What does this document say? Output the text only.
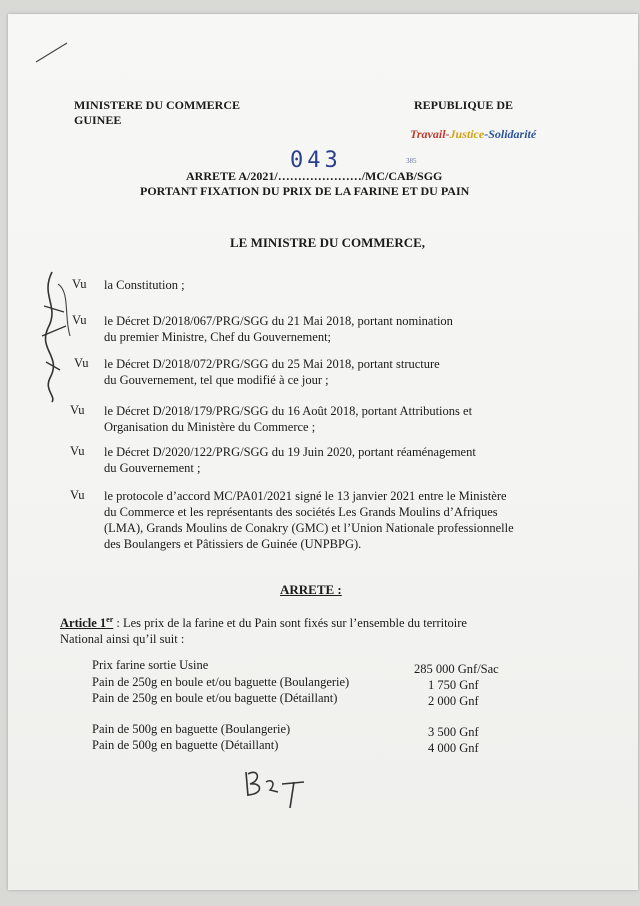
MINISTERE DU COMMERCE
GUINEE
REPUBLIQUE DE
Travail-Justice-Solidarité
ARRETE A/2021/…………………/MC/CAB/SGG
043	385
PORTANT FIXATION DU PRIX DE LA FARINE ET DU PAIN
LE MINISTRE DU COMMERCE,
Vu la Constitution ;
Vu le Décret D/2018/067/PRG/SGG du 21 Mai 2018, portant nomination
du premier Ministre, Chef du Gouvernement;
Vu le Décret D/2018/072/PRG/SGG du 25 Mai 2018, portant structure
du Gouvernement, tel que modifié à ce jour ;
Vu le Décret D/2018/179/PRG/SGG du 16 Août 2018, portant Attributions et
Organisation du Ministère du Commerce ;
Vu le Décret D/2020/122/PRG/SGG du 19 Juin 2020, portant réaménagement
du Gouvernement ;
Vu le protocole d’accord MC/PA01/2021 signé le 13 janvier 2021 entre le Ministère
du Commerce et les représentants des sociétés Les Grands Moulins d’Afriques
(LMA), Grands Moulins de Conakry (GMC) et l’Union Nationale professionnelle
des Boulangers et Pâtissiers de Guinée (UNPBPG).
ARRETE :
Article 1er : Les prix de la farine et du Pain sont fixés sur l’ensemble du territoire
National ainsi qu’il suit :
Prix farine sortie Usine	285 000 Gnf/Sac
Pain de 250g en boule et/ou baguette (Boulangerie)	1 750 Gnf
Pain de 250g en boule et/ou baguette (Détaillant)	2 000 Gnf
Pain de 500g en baguette (Boulangerie)	3 500 Gnf
Pain de 500g en baguette (Détaillant)	4 000 Gnf
